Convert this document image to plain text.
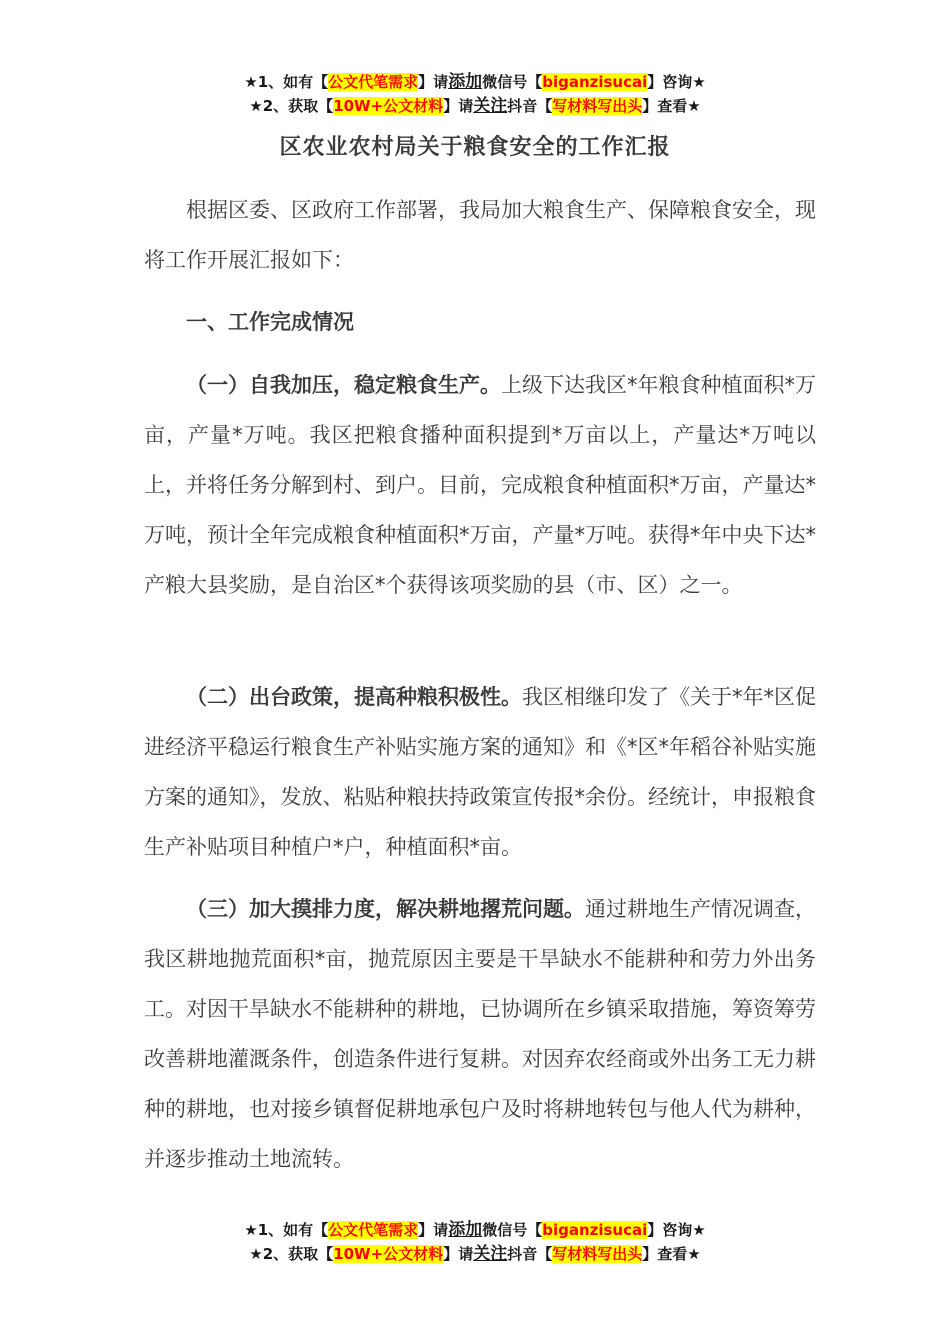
★1、如有【公文代笔需求】请添加微信号【biganzisucai】咨询★
★2、获取【10W+公文材料】请关注抖音【写材料写出头】查看★
区农业农村局关于粮食安全的工作汇报

根据区委、区政府工作部署，我局加大粮食生产、保障粮食安全，现将工作开展汇报如下：

一、工作完成情况

（一）自我加压，稳定粮食生产。上级下达我区*年粮食种植面积*万亩，产量*万吨。我区把粮食播种面积提到*万亩以上，产量达*万吨以上，并将任务分解到村、到户。目前，完成粮食种植面积*万亩，产量达*万吨，预计全年完成粮食种植面积*万亩，产量*万吨。获得*年中央下达*产粮大县奖励，是自治区*个获得该项奖励的县（市、区）之一。

（二）出台政策，提高种粮积极性。我区相继印发了《关于*年*区促进经济平稳运行粮食生产补贴实施方案的通知》和《*区*年稻谷补贴实施方案的通知》，发放、粘贴种粮扶持政策宣传报*余份。经统计，申报粮食生产补贴项目种植户*户，种植面积*亩。

（三）加大摸排力度，解决耕地撂荒问题。通过耕地生产情况调查，我区耕地抛荒面积*亩，抛荒原因主要是干旱缺水不能耕种和劳力外出务工。对因干旱缺水不能耕种的耕地，已协调所在乡镇采取措施，筹资筹劳改善耕地灌溉条件，创造条件进行复耕。对因弃农经商或外出务工无力耕种的耕地，也对接乡镇督促耕地承包户及时将耕地转包与他人代为耕种，并逐步推动土地流转。

★1、如有【公文代笔需求】请添加微信号【biganzisucai】咨询★
★2、获取【10W+公文材料】请关注抖音【写材料写出头】查看★
